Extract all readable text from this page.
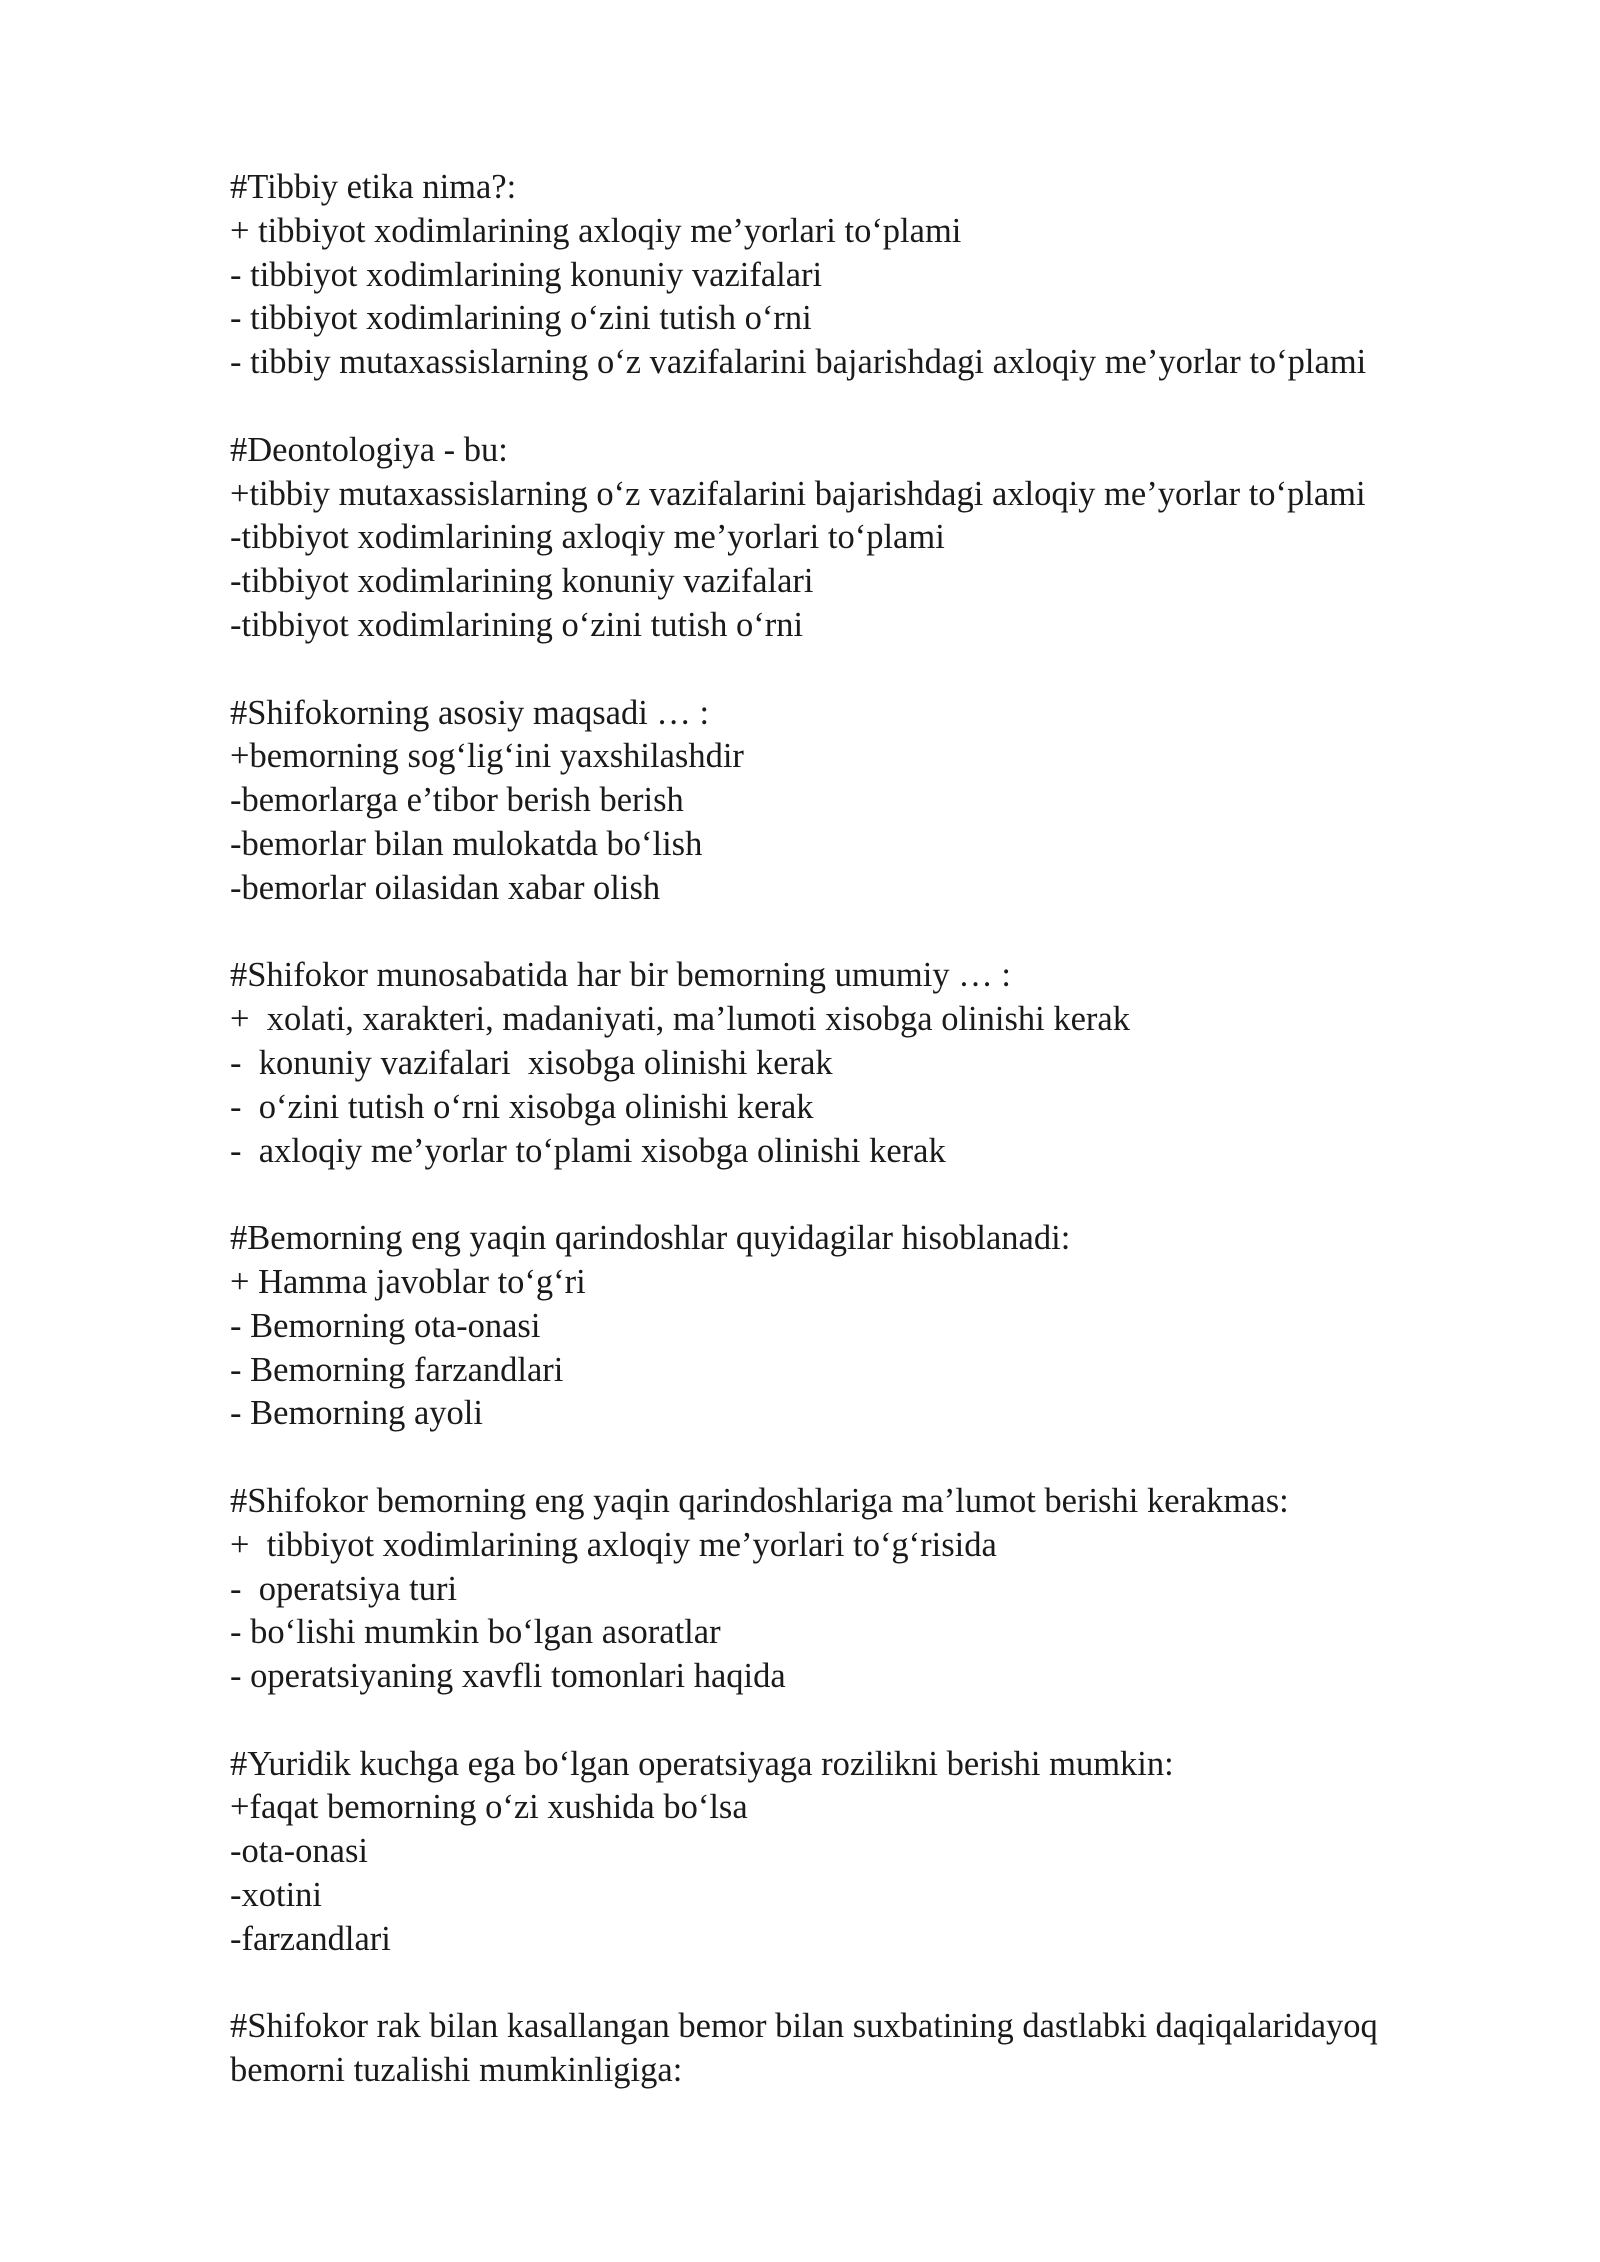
#Tibbiy etika nima?:
+ tibbiyot xodimlarining axloqiy me’yorlari to‘plami
- tibbiyot xodimlarining konuniy vazifalari
- tibbiyot xodimlarining o‘zini tutish o‘rni
- tibbiy mutaxassislarning o‘z vazifalarini bajarishdagi axloqiy me’yorlar to‘plami
#Deontologiya - bu:
+tibbiy mutaxassislarning o‘z vazifalarini bajarishdagi axloqiy me’yorlar to‘plami
-tibbiyot xodimlarining axloqiy me’yorlari to‘plami
-tibbiyot xodimlarining konuniy vazifalari
-tibbiyot xodimlarining o‘zini tutish o‘rni
#Shifokorning asosiy maqsadi … :
+bemorning sog‘lig‘ini yaxshilashdir
-bemorlarga e’tibor berish berish
-bemorlar bilan mulokatda bo‘lish
-bemorlar oilasidan xabar olish
#Shifokor munosabatida har bir bemorning umumiy … :
+  xolati, xarakteri, madaniyati, ma’lumoti xisobga olinishi kerak
-  konuniy vazifalari  xisobga olinishi kerak
-  o‘zini tutish o‘rni xisobga olinishi kerak
-  axloqiy me’yorlar to‘plami xisobga olinishi kerak
#Bemorning eng yaqin qarindoshlar quyidagilar hisoblanadi:
+ Hamma javoblar to‘g‘ri
- Bemorning ota-onasi
- Bemorning farzandlari
- Bemorning ayoli
#Shifokor bemorning eng yaqin qarindoshlariga ma’lumot berishi kerakmas:
+  tibbiyot xodimlarining axloqiy me’yorlari to‘g‘risida
-  operatsiya turi
- bo‘lishi mumkin bo‘lgan asoratlar
- operatsiyaning xavfli tomonlari haqida
#Yuridik kuchga ega bo‘lgan operatsiyaga rozilikni berishi mumkin:
+faqat bemorning o‘zi xushida bo‘lsa
-ota-onasi
-xotini
-farzandlari
#Shifokor rak bilan kasallangan bemor bilan suxbatining dastlabki daqiqalaridayoq
bemorni tuzalishi mumkinligiga:
